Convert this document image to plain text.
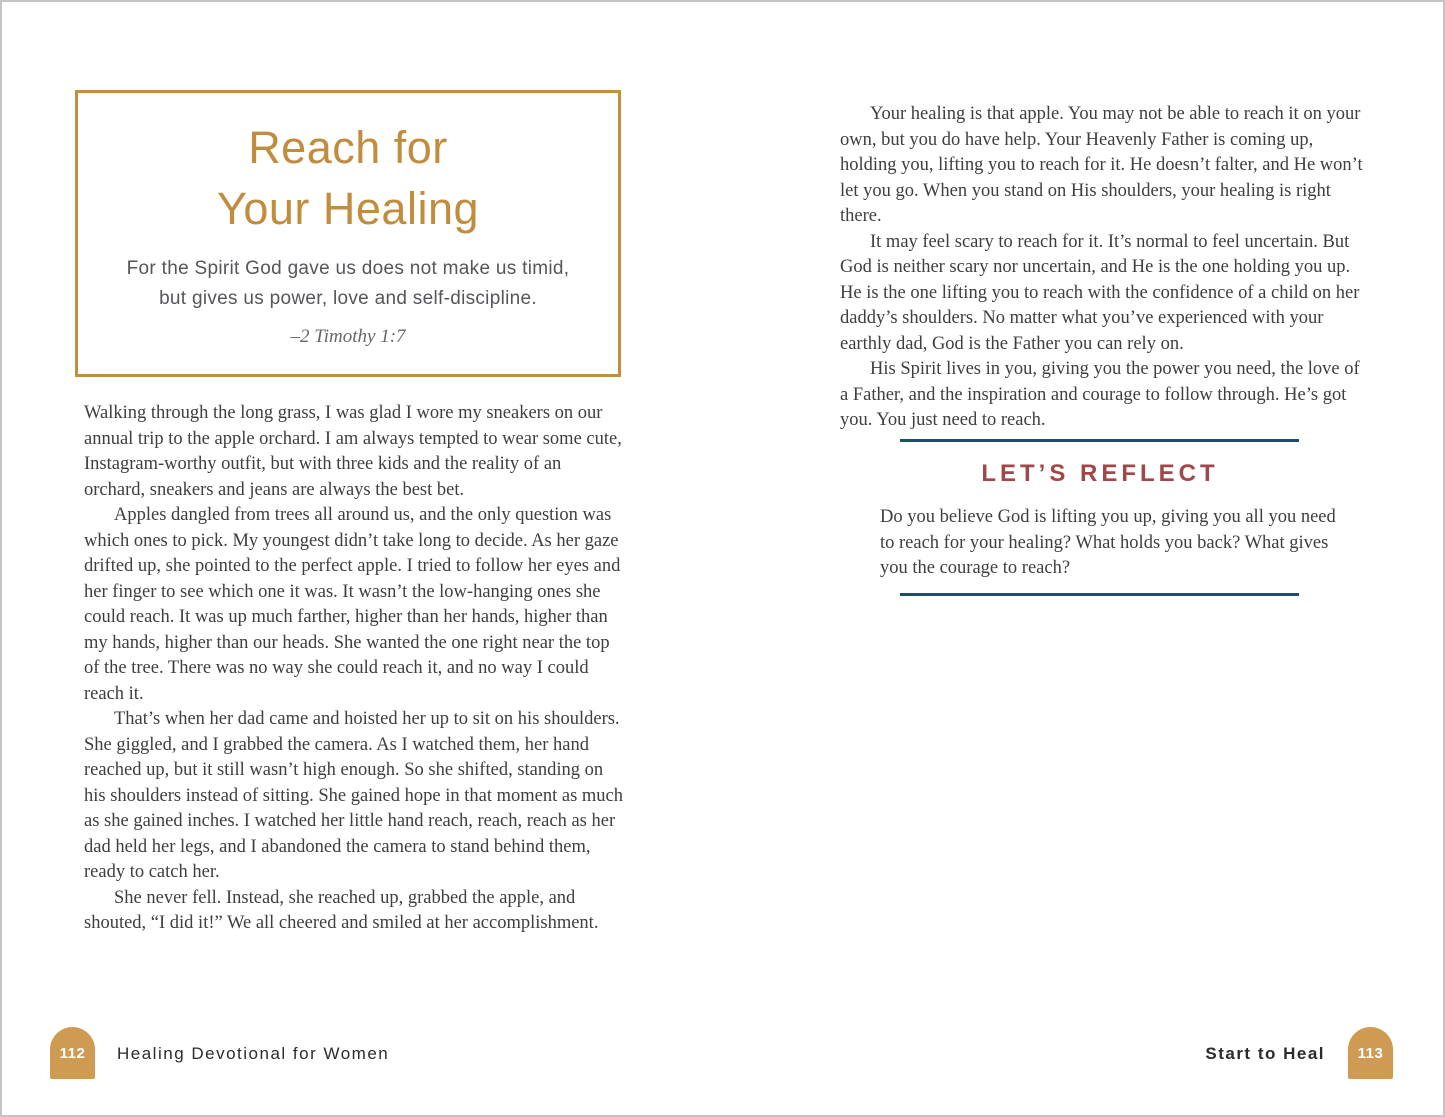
Reach for
Your Healing
For the Spirit God gave us does not make us timid,
but gives us power, love and self-discipline.
–2 Timothy 1:7

Walking through the long grass, I was glad I wore my sneakers on our annual trip to the apple orchard. I am always tempted to wear some cute, Instagram-worthy outfit, but with three kids and the reality of an orchard, sneakers and jeans are always the best bet.

Apples dangled from trees all around us, and the only question was which ones to pick. My youngest didn’t take long to decide. As her gaze drifted up, she pointed to the perfect apple. I tried to follow her eyes and her finger to see which one it was. It wasn’t the low-hanging ones she could reach. It was up much farther, higher than her hands, higher than my hands, higher than our heads. She wanted the one right near the top of the tree. There was no way she could reach it, and no way I could reach it.

That’s when her dad came and hoisted her up to sit on his shoulders. She giggled, and I grabbed the camera. As I watched them, her hand reached up, but it still wasn’t high enough. So she shifted, standing on his shoulders instead of sitting. She gained hope in that moment as much as she gained inches. I watched her little hand reach, reach, reach as her dad held her legs, and I abandoned the camera to stand behind them, ready to catch her.

She never fell. Instead, she reached up, grabbed the apple, and shouted, “I did it!” We all cheered and smiled at her accomplishment.

Your healing is that apple. You may not be able to reach it on your own, but you do have help. Your Heavenly Father is coming up, holding you, lifting you to reach for it. He doesn’t falter, and He won’t let you go. When you stand on His shoulders, your healing is right there.

It may feel scary to reach for it. It’s normal to feel uncertain. But God is neither scary nor uncertain, and He is the one holding you up. He is the one lifting you to reach with the confidence of a child on her daddy’s shoulders. No matter what you’ve experienced with your earthly dad, God is the Father you can rely on.

His Spirit lives in you, giving you the power you need, the love of a Father, and the inspiration and courage to follow through. He’s got you. You just need to reach.

LET’S REFLECT
Do you believe God is lifting you up, giving you all you need to reach for your healing? What holds you back? What gives you the courage to reach?
112	Healing Devotional for Women	Start to Heal	113
